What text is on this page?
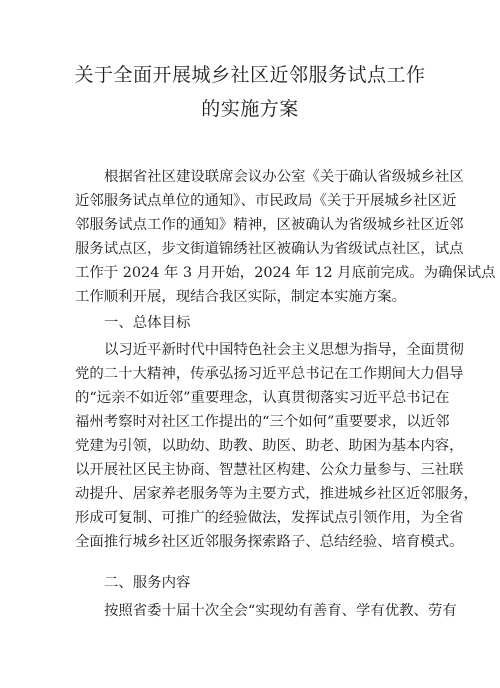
关于全面开展城乡社区近邻服务试点工作
的实施方案
根据省社区建设联席会议办公室《关于确认省级城乡社区
近邻服务试点单位的通知》、市民政局《关于开展城乡社区近
邻服务试点工作的通知》精神，区被确认为省级城乡社区近邻
服务试点区，步文街道锦绣社区被确认为省级试点社区，试点
工作于 2024 年 3 月开始，2024 年 12 月底前完成。为确保试点
工作顺利开展，现结合我区实际，制定本实施方案。
一、总体目标
以习近平新时代中国特色社会主义思想为指导，全面贯彻
党的二十大精神，传承弘扬习近平总书记在工作期间大力倡导
的“远亲不如近邻”重要理念，认真贯彻落实习近平总书记在
福州考察时对社区工作提出的“三个如何”重要要求，以近邻
党建为引领，以助幼、助教、助医、助老、助困为基本内容，
以开展社区民主协商、智慧社区构建、公众力量参与、三社联
动提升、居家养老服务等为主要方式，推进城乡社区近邻服务，
形成可复制、可推广的经验做法，发挥试点引领作用，为全省
全面推行城乡社区近邻服务探索路子、总结经验、培育模式。
二、服务内容
按照省委十届十次全会“实现幼有善育、学有优教、劳有
